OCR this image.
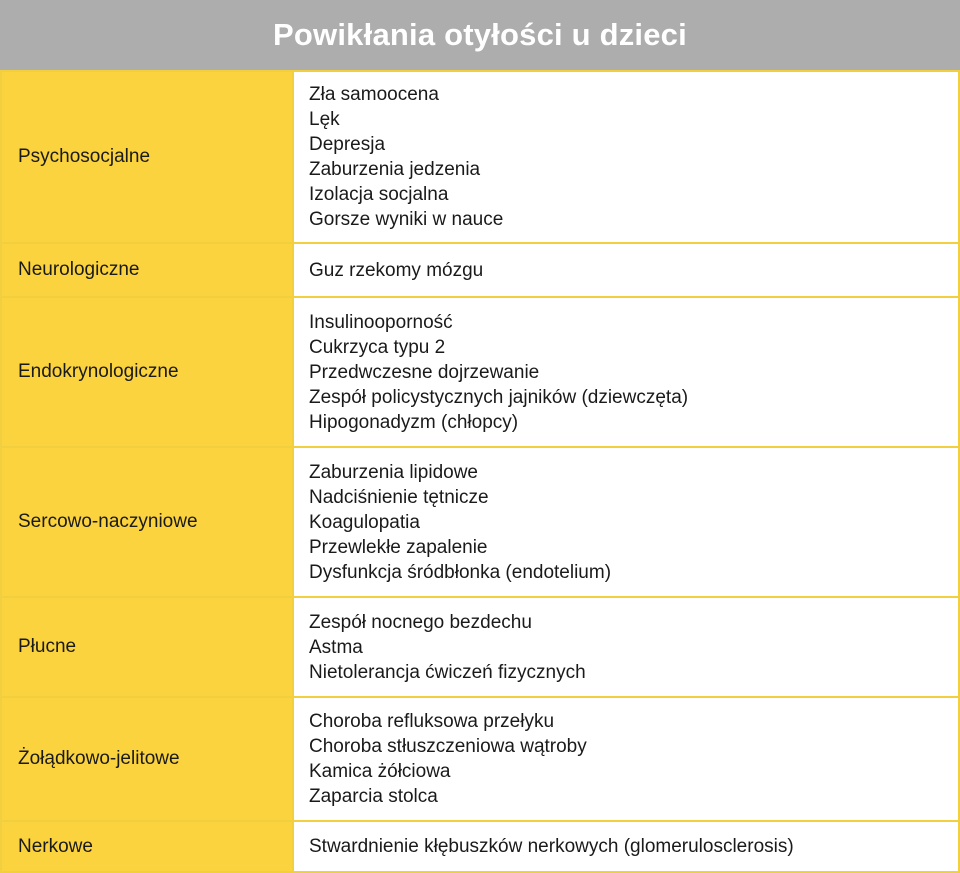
Powikłania otyłości u dzieci
Psychosocjalne
Zła samoocena
Lęk
Depresja
Zaburzenia jedzenia
Izolacja socjalna
Gorsze wyniki w nauce
Neurologiczne	Guz rzekomy mózgu
Endokrynologiczne
Insulinooporność
Cukrzyca typu 2
Przedwczesne dojrzewanie
Zespół policystycznych jajników (dziewczęta)
Hipogonadyzm (chłopcy)
Sercowo-naczyniowe
Zaburzenia lipidowe
Nadciśnienie tętnicze
Koagulopatia
Przewlekłe zapalenie
Dysfunkcja śródbłonka (endotelium)
Płucne
Zespół nocnego bezdechu
Astma
Nietolerancja ćwiczeń fizycznych
Żołądkowo-jelitowe
Choroba refluksowa przełyku
Choroba stłuszczeniowa wątroby
Kamica żółciowa
Zaparcia stolca
Nerkowe	Stwardnienie kłębuszków nerkowych (glomerulosclerosis)
